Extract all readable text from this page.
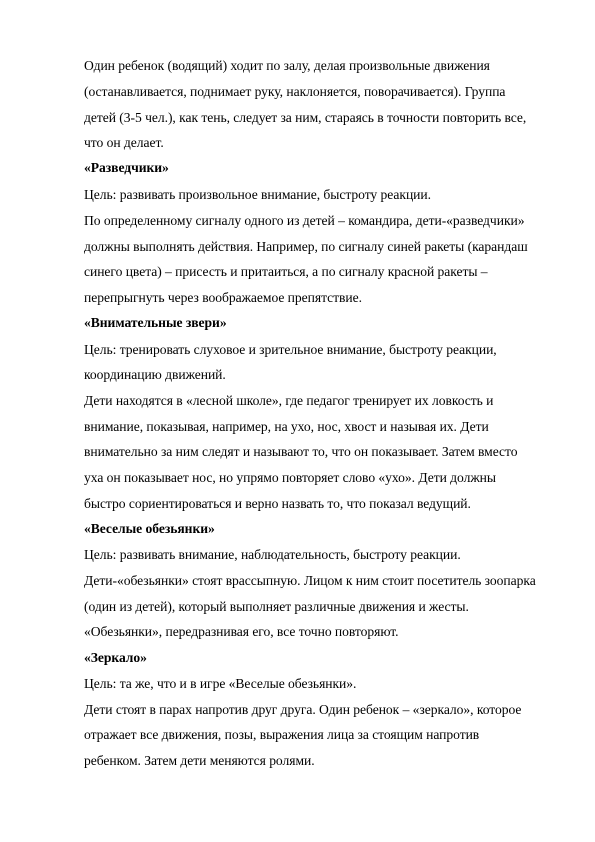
Один ребенок (водящий) ходит по залу, делая произвольные движения
(останавливается, поднимает руку, наклоняется, поворачивается). Группа
детей (3-5 чел.), как тень, следует за ним, стараясь в точности повторить все,
что он делает.
«Разведчики»
Цель: развивать произвольное внимание, быстроту реакции.
По определенному сигналу одного из детей – командира, дети-«разведчики»
должны выполнять действия. Например, по сигналу синей ракеты (карандаш
синего цвета) – присесть и притаиться, а по сигналу красной ракеты –
перепрыгнуть через воображаемое препятствие.
«Внимательные звери»
Цель: тренировать слуховое и зрительное внимание, быстроту реакции,
координацию движений.
Дети находятся в «лесной школе», где педагог тренирует их ловкость и
внимание, показывая, например, на ухо, нос, хвост и называя их. Дети
внимательно за ним следят и называют то, что он показывает. Затем вместо
уха он показывает нос, но упрямо повторяет слово «ухо». Дети должны
быстро сориентироваться и верно назвать то, что показал ведущий.
«Веселые обезьянки»
Цель: развивать внимание, наблюдательность, быстроту реакции.
Дети-«обезьянки» стоят врассыпную. Лицом к ним стоит посетитель зоопарка
(один из детей), который выполняет различные движения и жесты.
«Обезьянки», передразнивая его, все точно повторяют.
«Зеркало»
Цель: та же, что и в игре «Веселые обезьянки».
Дети стоят в парах напротив друг друга. Один ребенок – «зеркало», которое
отражает все движения, позы, выражения лица за стоящим напротив
ребенком. Затем дети меняются ролями.
